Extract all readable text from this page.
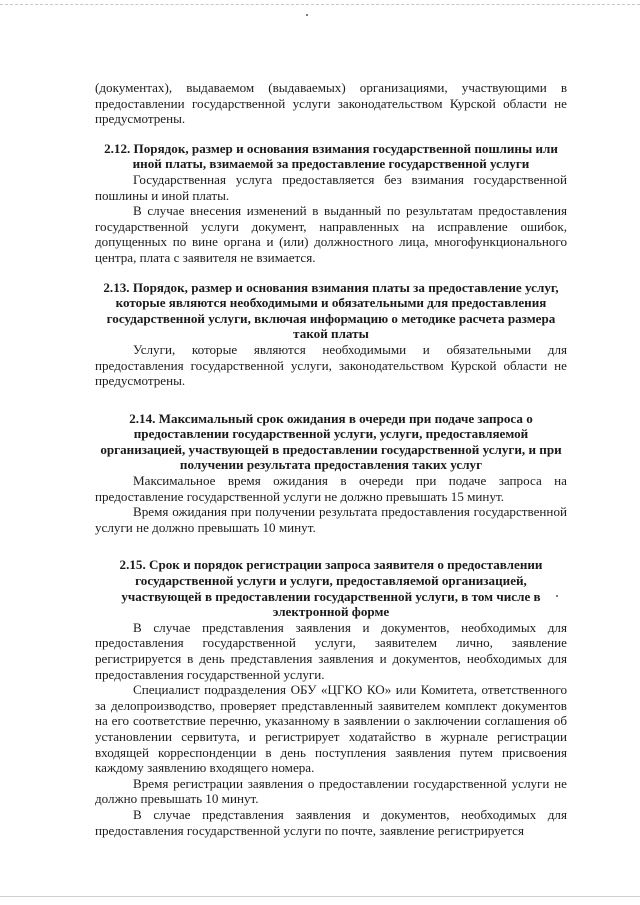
(документах), выдаваемом (выдаваемых) организациями, участвующими в предоставлении государственной услуги законодательством Курской области не предусмотрены.

2.12. Порядок, размер и основания взимания государственной пошлины или иной платы, взимаемой за предоставление государственной услуги

Государственная услуга предоставляется без взимания государственной пошлины и иной платы.

В случае внесения изменений в выданный по результатам предоставления государственной услуги документ, направленных на исправление ошибок, допущенных по вине органа и (или) должностного лица, многофункционального центра, плата с заявителя не взимается.

2.13. Порядок, размер и основания взимания платы за предоставление услуг, которые являются необходимыми и обязательными для предоставления государственной услуги, включая информацию о методике расчета размера такой платы

Услуги, которые являются необходимыми и обязательными для предоставления государственной услуги, законодательством Курской области не предусмотрены.

2.14. Максимальный срок ожидания в очереди при подаче запроса о предоставлении государственной услуги, услуги, предоставляемой организацией, участвующей в предоставлении государственной услуги, и при получении результата предоставления таких услуг

Максимальное время ожидания в очереди при подаче запроса на предоставление государственной услуги не должно превышать 15 минут.

Время ожидания при получении результата предоставления государственной услуги не должно превышать 10 минут.

2.15. Срок и порядок регистрации запроса заявителя о предоставлении государственной услуги и услуги, предоставляемой организацией, участвующей в предоставлении государственной услуги, в том числе в электронной форме

В случае представления заявления и документов, необходимых для предоставления государственной услуги, заявителем лично, заявление регистрируется в день представления заявления и документов, необходимых для предоставления государственной услуги.

Специалист подразделения ОБУ «ЦГКО КО» или Комитета, ответственного за делопроизводство, проверяет представленный заявителем комплект документов на его соответствие перечню, указанному в заявлении о заключении соглашения об установлении сервитута, и регистрирует ходатайство в журнале регистрации входящей корреспонденции в день поступления заявления путем присвоения каждому заявлению входящего номера.

Время регистрации заявления о предоставлении государственной услуги не должно превышать 10 минут.

В случае представления заявления и документов, необходимых для предоставления государственной услуги по почте, заявление регистрируется
